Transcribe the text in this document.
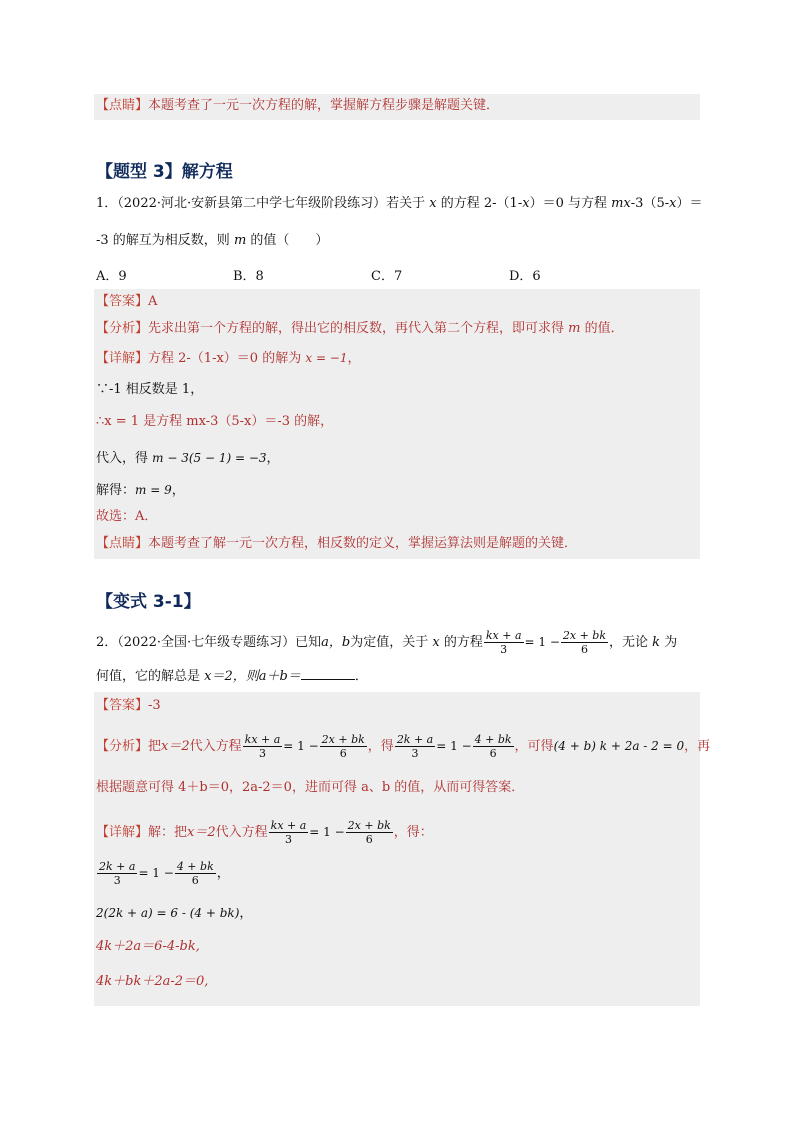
【点睛】本题考查了一元一次方程的解，掌握解方程步骤是解题关键．
【题型 3】解方程
1．（2022·河北·安新县第二中学七年级阶段练习）若关于 x 的方程 2-（1-x）＝0 与方程 mx-3（5-x）＝
-3 的解互为相反数，则 m 的值（　　）
A．9	B．8	C．7	D．6
【答案】A
【分析】先求出第一个方程的解，得出它的相反数，再代入第二个方程，即可求得 m 的值．
【详解】方程 2-（1-x）＝0 的解为 x = −1，
∵-1 相反数是 1，
∴x = 1 是方程 mx-3（5-x）＝-3 的解，
代入，得 m − 3(5 − 1) = −3，
解得：m = 9，
故选：A．
【点睛】本题考查了解一元一次方程，相反数的定义，掌握运算法则是解题的关键．
【变式 3-1】
2．（2022·全国·七年级专题练习）已知a，b为定值，关于 x 的方程 $\frac{kx + a}{3} = 1 - \frac{2x + bk}{6}$ ，无论 k 为
何值，它的解总是 x＝2，则a＋b＝	．
【答案】-3
【分析】把x＝2代入方程 $\frac{kx + a}{3} = 1 - \frac{2x + bk}{6}$ ，得 $\frac{2k + a}{3} = 1 - \frac{4 + bk}{6}$ ，可得(4 + b) k + 2a - 2 = 0，再
根据题意可得 4＋b＝0，2a-2＝0，进而可得 a、b 的值，从而可得答案．
【详解】解：把x＝2代入方程 $\frac{kx + a}{3} = 1 - \frac{2x + bk}{6}$ ，得：
$\frac{2k + a}{3} = 1 - \frac{4 + bk}{6}$ ，
2(2k + a) = 6 - (4 + bk)，
4k＋2a＝6-4-bk,
4k＋bk＋2a-2＝0,
